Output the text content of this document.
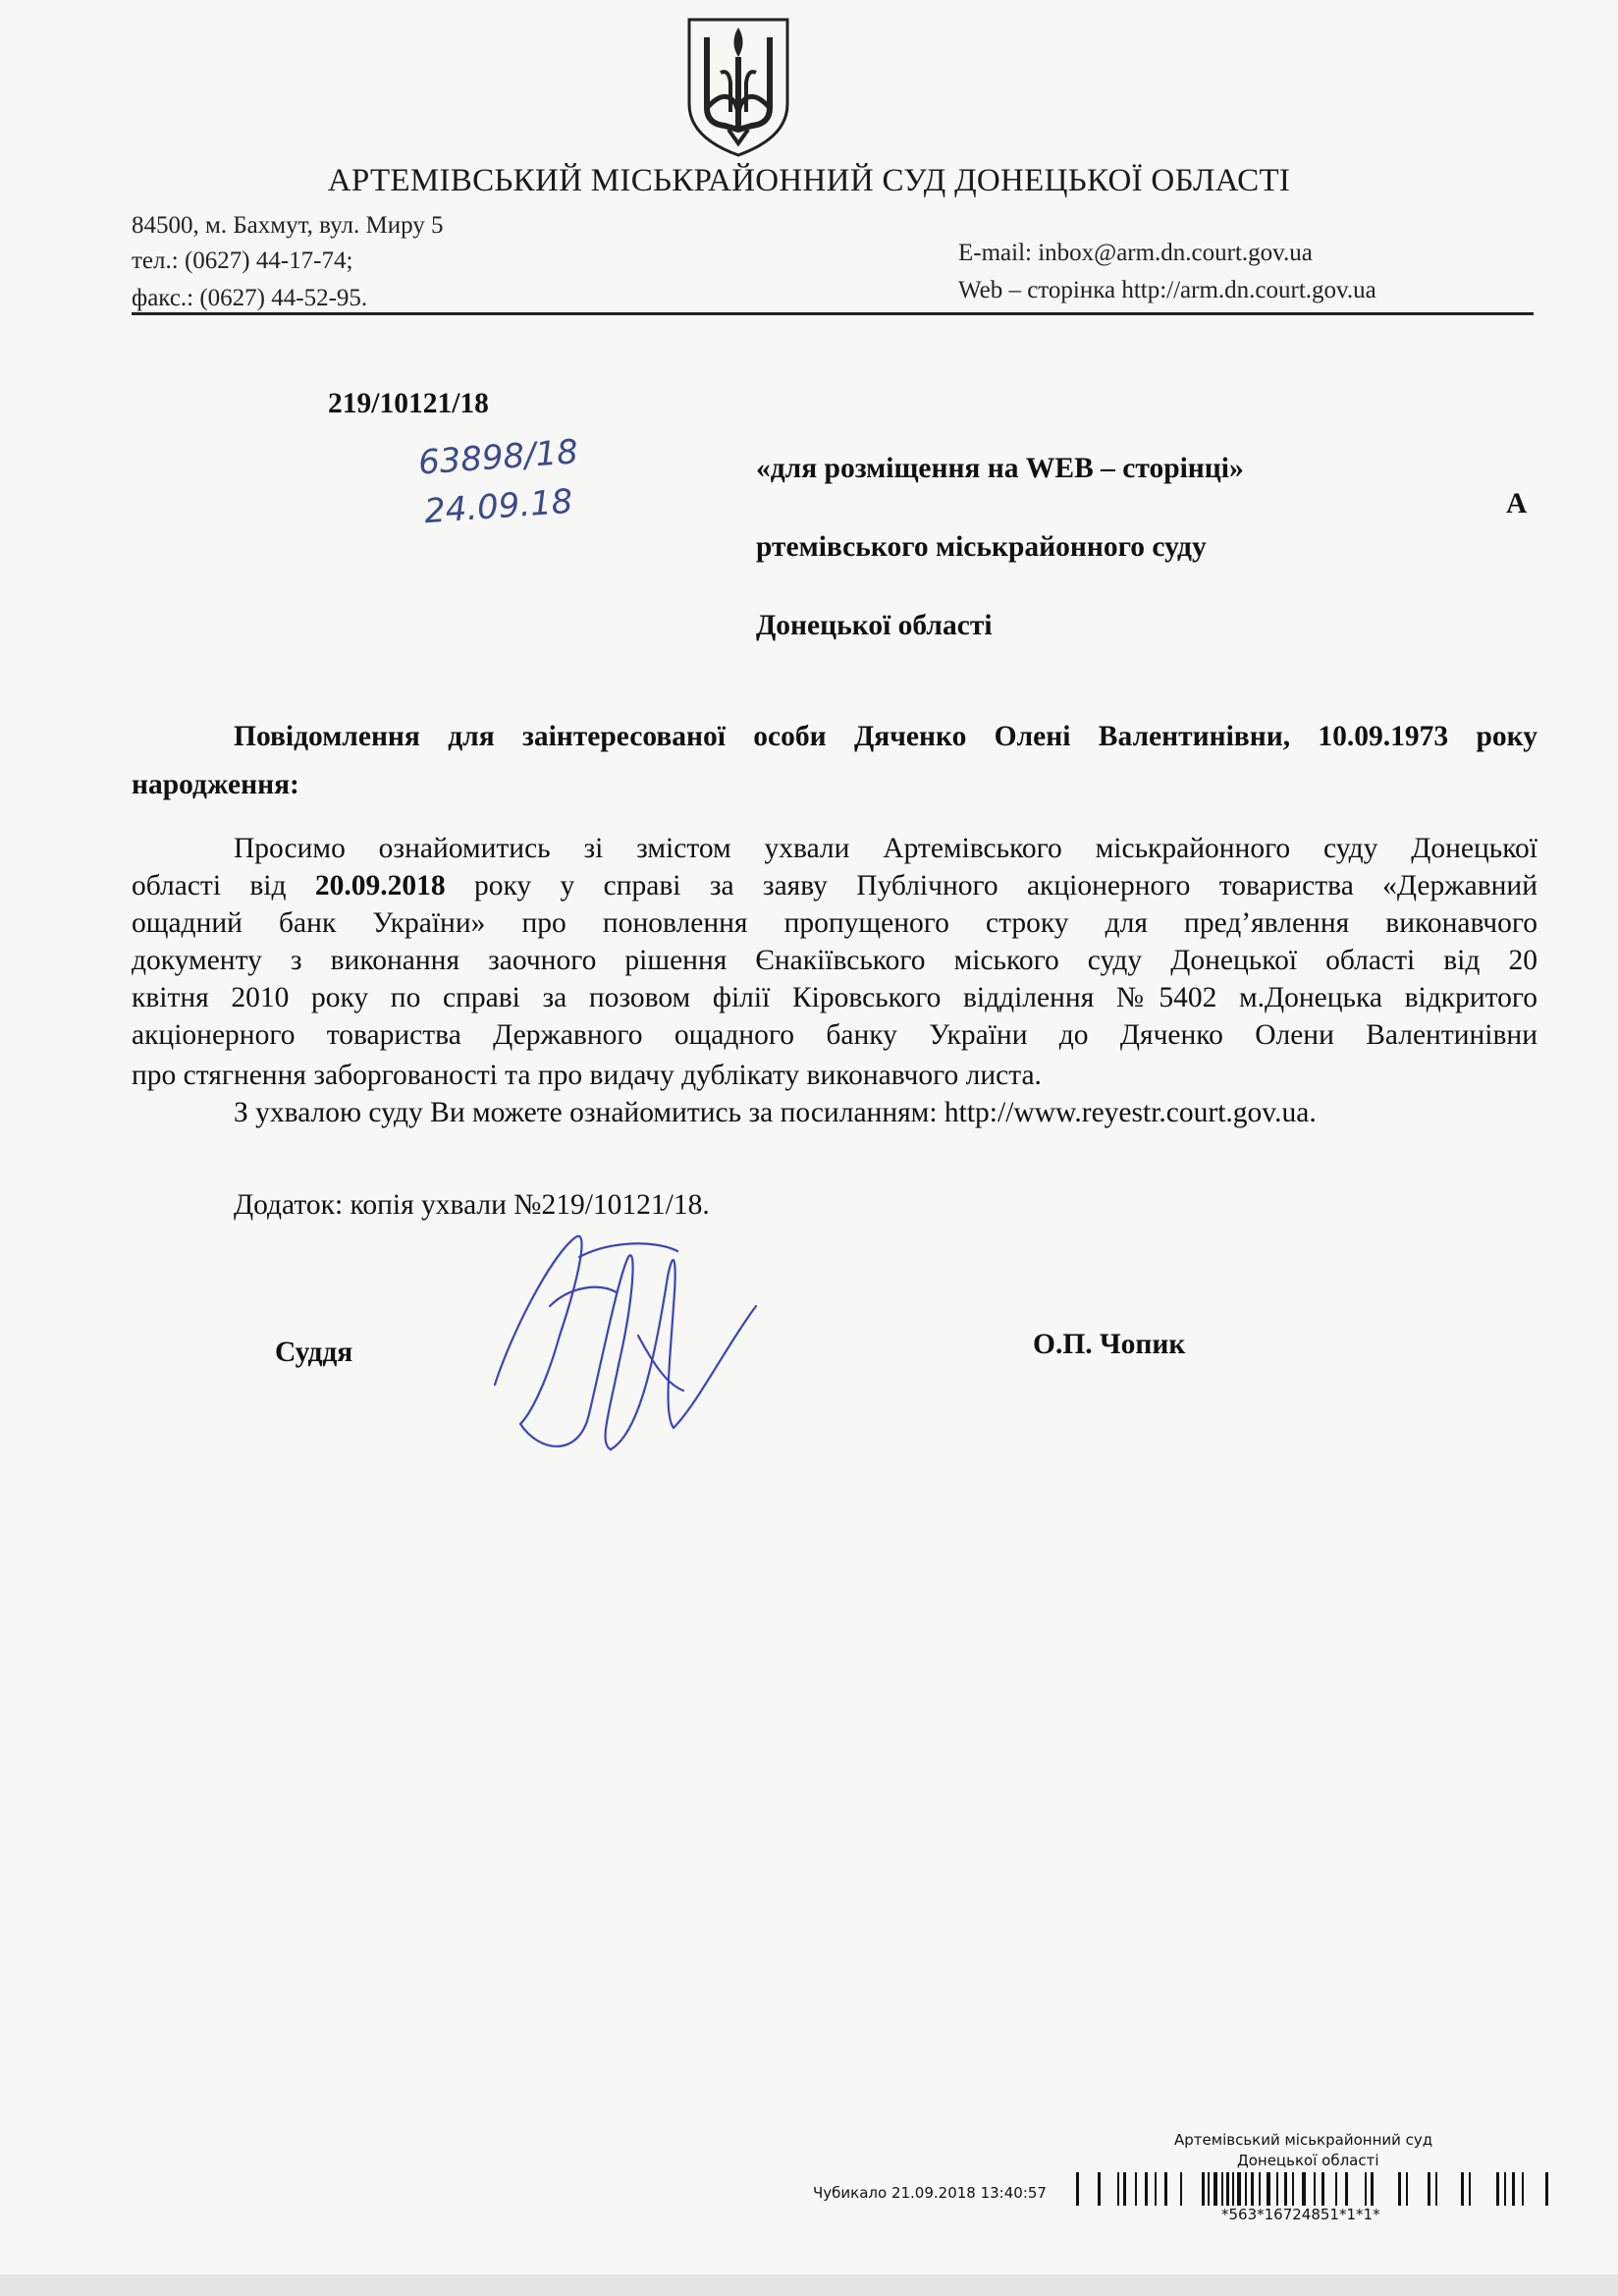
АРТЕМІВСЬКИЙ МІСЬКРАЙОННИЙ СУД ДОНЕЦЬКОЇ ОБЛАСТІ
84500, м. Бахмут, вул. Миру 5
тел.: (0627) 44-17-74;
факс.: (0627) 44-52-95.
E-mail: inbox@arm.dn.court.gov.ua
Web – сторінка http://arm.dn.court.gov.ua
219/10121/18
63898/18
24.09.18
«для розміщення на WEB – сторінці»
А
ртемівського міськрайонного суду
Донецької області
Повідомлення для заінтересованої особи Дяченко Олені Валентинівни, 10.09.1973 року
народження:
Просимо ознайомитись зі змістом ухвали Артемівського міськрайонного суду Донецької
області від 20.09.2018 року у справі за заяву Публічного акціонерного товариства «Державний
ощадний банк України» про поновлення пропущеного строку для пред’явлення виконавчого
документу з виконання заочного рішення Єнакіївського міського суду Донецької області від 20
квітня 2010 року по справі за позовом філії Кіровського відділення №5402 м.Донецька відкритого
акціонерного товариства Державного ощадного банку України до Дяченко Олени Валентинівни
про стягнення заборгованості та про видачу дублікату виконавчого листа.
З ухвалою суду Ви можете ознайомитись за посиланням: http://www.reyestr.court.gov.ua.
Додаток: копія ухвали №219/10121/18.
Суддя	О.П. Чопик
Артемівський міськрайонний суд
Донецької області
Чубикало 21.09.2018 13:40:57
*563*16724851*1*1*
